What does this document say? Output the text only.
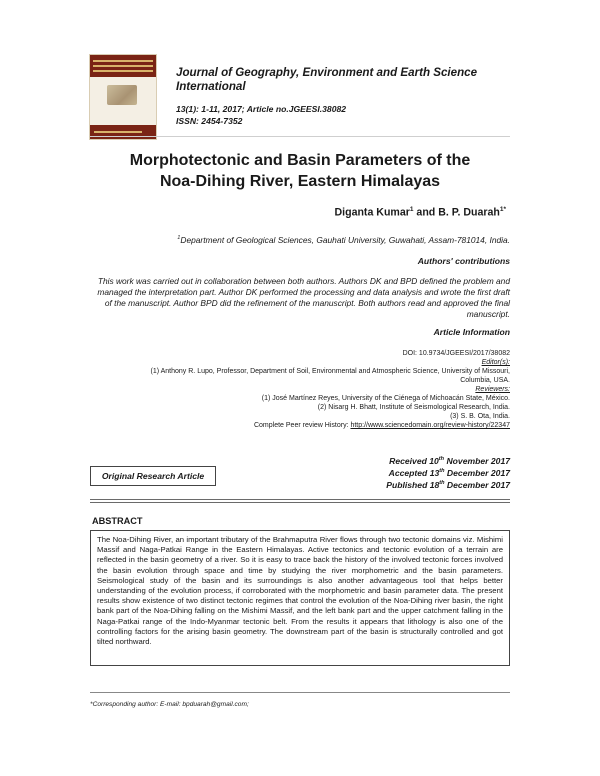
Journal of Geography, Environment and Earth Science International
13(1): 1-11, 2017; Article no.JGEESI.38082
ISSN: 2454-7352
Morphotectonic and Basin Parameters of the
Noa-Dihing River, Eastern Himalayas
Diganta Kumar$^1$ and B. P. Duarah$^{1*}$
$^1$Department of Geological Sciences, Gauhati University, Guwahati, Assam-781014, India.
Authors' contributions
This work was carried out in collaboration between both authors. Authors DK and BPD defined the problem and managed the interpretation part. Author DK performed the processing and data analysis and wrote the first draft of the manuscript. Author BPD did the refinement of the manuscript. Both authors read and approved the final manuscript.
Article Information
DOI: 10.9734/JGEESI/2017/38082
Editor(s):
(1) Anthony R. Lupo, Professor, Department of Soil, Environmental and Atmospheric Science, University of Missouri,
Columbia, USA.
Reviewers:
(1) José Martínez Reyes, University of the Ciénega of Michoacán State, México.
(2) Nisarg H. Bhatt, Institute of Seismological Research, India.
(3) S. B. Ota, India.
Complete Peer review History: http://www.sciencedomain.org/review-history/22347
Original Research Article
Received 10th November 2017
Accepted 13th December 2017
Published 18th December 2017
ABSTRACT
The Noa-Dihing River, an important tributary of the Brahmaputra River flows through two tectonic domains viz. Mishimi Massif and Naga-Patkai Range in the Eastern Himalayas. Active tectonics and tectonic evolution of a terrain are reflected in the basin geometry of a river. So it is easy to trace back the history of the involved tectonic forces involved the basin evolution through space and time by studying the river morphometric and the basin parameters. Seismological study of the basin and its surroundings is also another advantageous tool that helps better understanding of the evolution process, if corroborated with the morphometric and basin parameter data. The present results show existence of two distinct tectonic regimes that control the evolution of the Noa-Dihing river basin, the right bank part of the Noa-Dihing falling on the Mishimi Massif, and the left bank part and the upper catchment falling in the Naga-Patkai range of the Indo-Myanmar tectonic belt. From the results it appears that lithology is also one of the controlling factors for the arising basin geometry. The downstream part of the basin is structurally controlled and got tilted northward.
*Corresponding author: E-mail: bpduarah@gmail.com;
